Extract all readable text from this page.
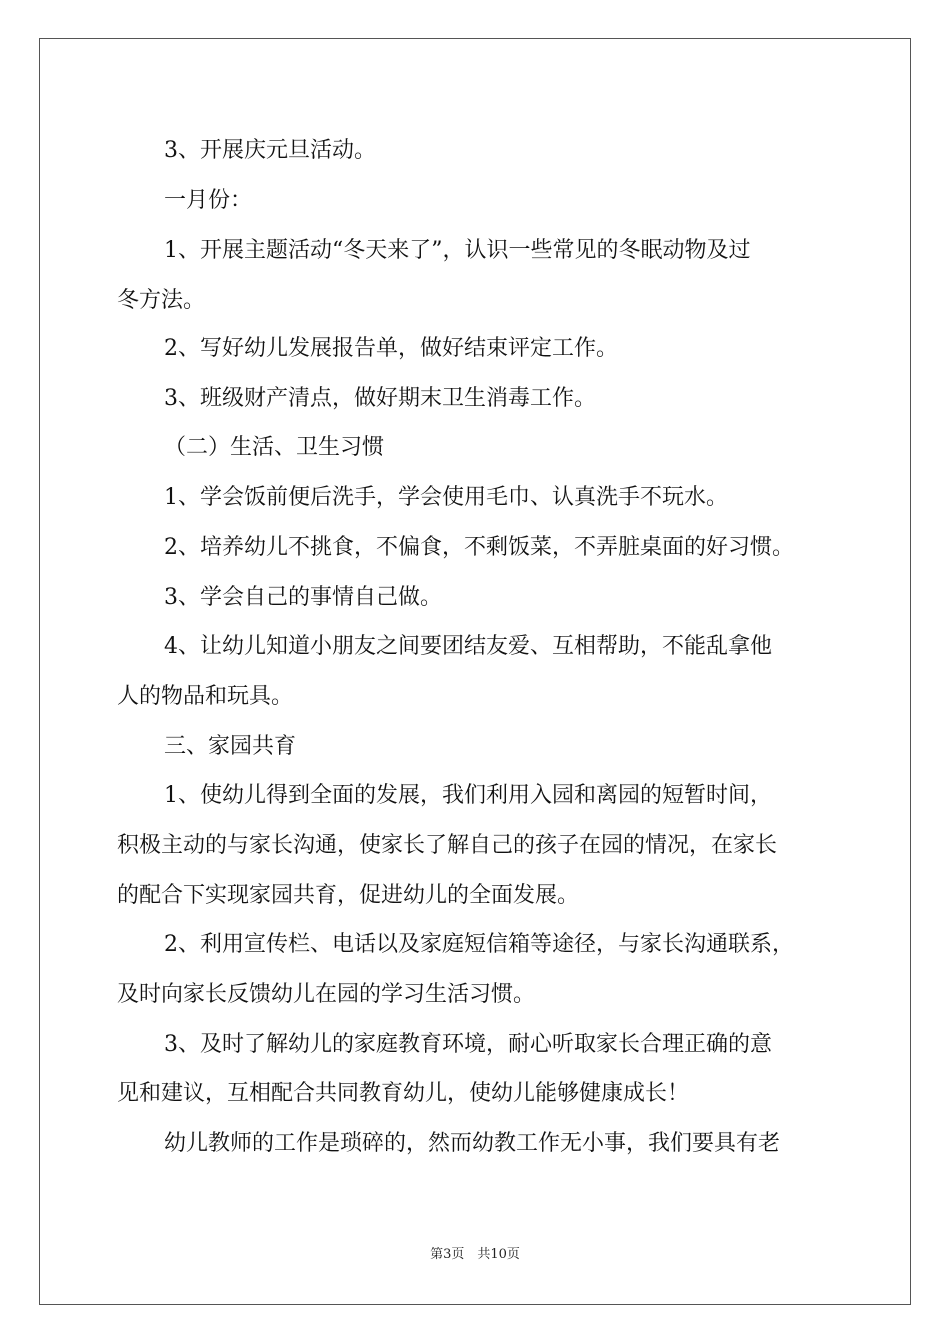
3、开展庆元旦活动。
一月份：
1、开展主题活动“冬天来了”，认识一些常见的冬眠动物及过
冬方法。
2、写好幼儿发展报告单，做好结束评定工作。
3、班级财产清点，做好期末卫生消毒工作。
（二）生活、卫生习惯
1、学会饭前便后洗手，学会使用毛巾、认真洗手不玩水。
2、培养幼儿不挑食，不偏食，不剩饭菜，不弄脏桌面的好习惯。
3、学会自己的事情自己做。
4、让幼儿知道小朋友之间要团结友爱、互相帮助，不能乱拿他
人的物品和玩具。
三、家园共育
1、使幼儿得到全面的发展，我们利用入园和离园的短暂时间，
积极主动的与家长沟通，使家长了解自己的孩子在园的情况，在家长
的配合下实现家园共育，促进幼儿的全面发展。
2、利用宣传栏、电话以及家庭短信箱等途径，与家长沟通联系，
及时向家长反馈幼儿在园的学习生活习惯。
3、及时了解幼儿的家庭教育环境，耐心听取家长合理正确的意
见和建议，互相配合共同教育幼儿，使幼儿能够健康成长！
幼儿教师的工作是琐碎的，然而幼教工作无小事，我们要具有老
第3页　共10页
